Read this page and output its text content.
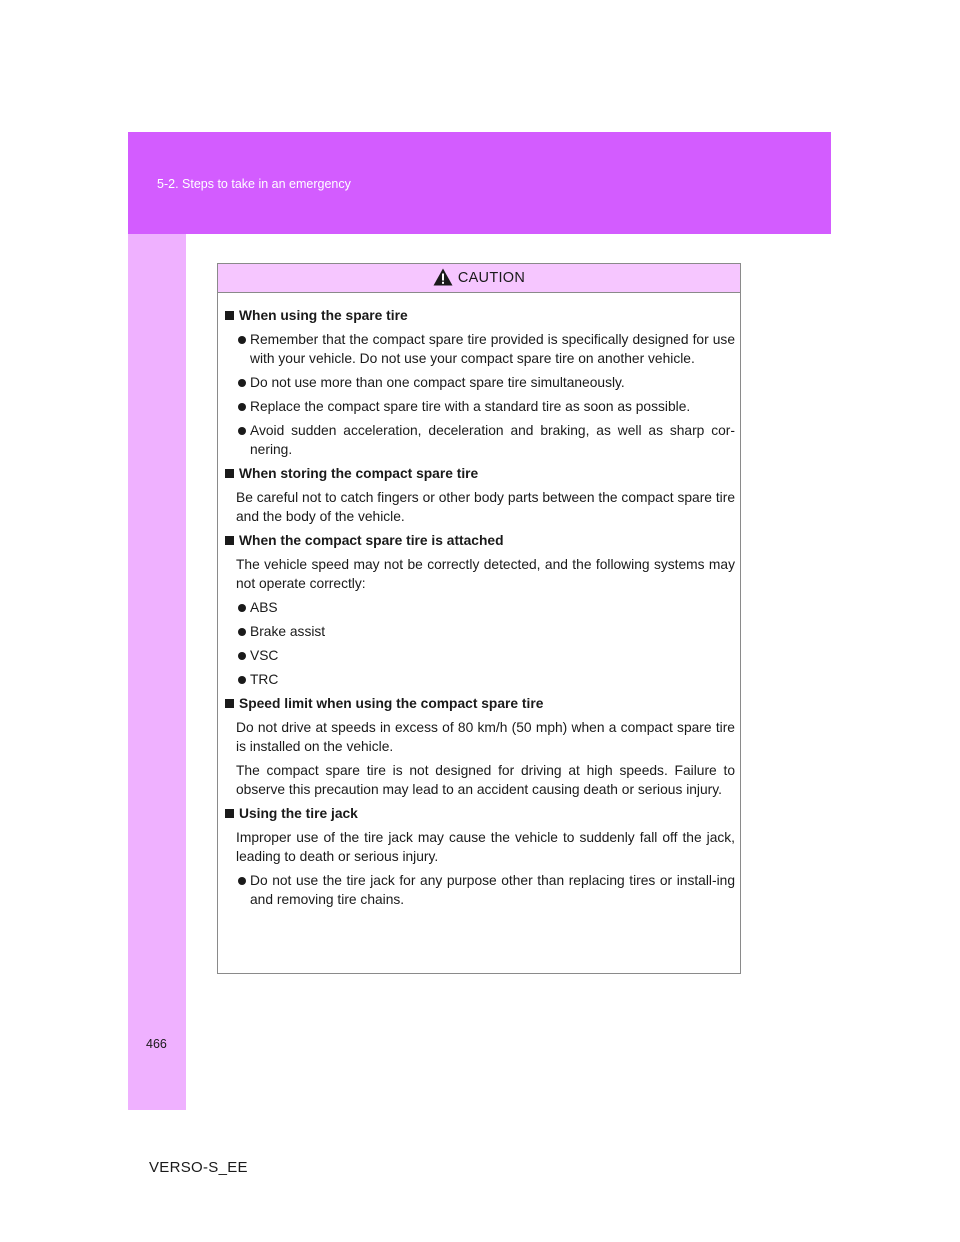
5-2. Steps to take in an emergency
CAUTION
When using the spare tire
Remember that the compact spare tire provided is specifically designed for use with your vehicle. Do not use your compact spare tire on another vehicle.
Do not use more than one compact spare tire simultaneously.
Replace the compact spare tire with a standard tire as soon as possible.
Avoid sudden acceleration, deceleration and braking, as well as sharp cor-nering.
When storing the compact spare tire
Be careful not to catch fingers or other body parts between the compact spare tire and the body of the vehicle.
When the compact spare tire is attached
The vehicle speed may not be correctly detected, and the following systems may not operate correctly:
ABS
Brake assist
VSC
TRC
Speed limit when using the compact spare tire
Do not drive at speeds in excess of 80 km/h (50 mph) when a compact spare tire is installed on the vehicle.
The compact spare tire is not designed for driving at high speeds. Failure to observe this precaution may lead to an accident causing death or serious injury.
Using the tire jack
Improper use of the tire jack may cause the vehicle to suddenly fall off the jack, leading to death or serious injury.
Do not use the tire jack for any purpose other than replacing tires or install-ing and removing tire chains.
466
VERSO-S_EE
